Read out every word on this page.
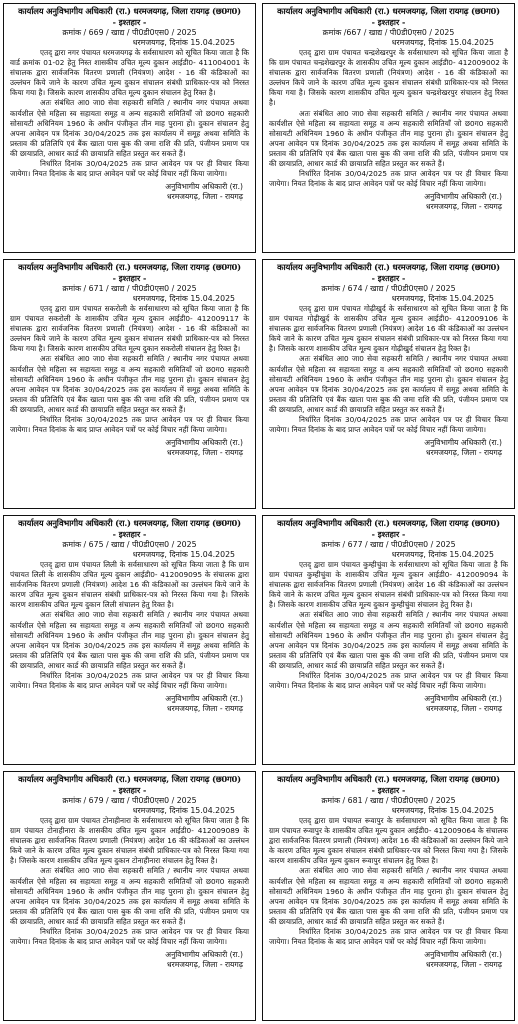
कार्यालय अनुविभागीय अधिकारी (रा.) धरमजयगढ़, जिला रायगढ़ (छ0ग0)
- इश्तहार -
क्रमांक / 669 / खाद्य / पी0डी0एस0 / 2025
धरमजयगढ़, दिनांक 15.04.2025

एतद् द्वारा नगर पंचायत धरमजयगढ़ के सर्वसाधारण को सूचित किया जाता है कि वार्ड क्रमांक 01-02 हेतु निस्त शासकीय उचित मूल्य दुकान आईडी0- 411004001 के संचालक द्वारा सार्वजनिक वितरण प्रणाली (नियंत्रण) आदेश - 16 की कंडिकाओं का उल्लंघन किये जाने के कारण उचित मूल्य दुकान संचालन संबंधी प्राधिकार-पत्र को निरस्त किया गया है। जिसके कारण शासकीय उचित मूल्य दुकान संचालन हेतु रिक्त है।

अतः संबंधित आ0 जा0 सेवा सहकारी समिति / स्थानीय नगर पंचायत अथवा कार्यशील ऐसे महिला स्व सहायता समूह व अन्य सहकारी समितियाँ जो छ0ग0 सहकारी सोसायटी अधिनियम 1960 के अधीन पंजीकृत तीन माह पुराना हो। दुकान संचालन हेतु अपना आवेदन पत्र दिनांक 30/04/2025 तक इस कार्यालय में समूह अथवा समिति के प्रस्ताव की प्रतिलिपि एवं बैंक खाता पास बुक की जमा राशि की प्रति, पंजीयन प्रमाण पत्र की छायाप्रति, आधार कार्ड की छायाप्रति सहित प्रस्तुत कर सकते हैं।

निर्धारित दिनांक 30/04/2025 तक प्राप्त आवेदन पत्र पर ही विचार किया जायेगा। नियत दिनांक के बाद प्राप्त आवेदन पत्रों पर कोई विचार नहीं किया जायेगा।

अनुविभागीय अधिकारी (रा.)
धरमजयगढ़, जिला - रायगढ़
कार्यालय अनुविभागीय अधिकारी (रा.) धरमजयगढ़, जिला रायगढ़ (छ0ग0)
- इश्तहार -
क्रमांक /667 / खाद्य / पी0डी0एस0 / 2025
धरमजयगढ़, दिनांक 15.04.2025

एतद् द्वारा ग्राम पंचायत चन्द्रशेखरपुर के सर्वसाधारण को सूचित किया जाता है कि ग्राम पंचायत चन्द्रशेखरपुर के शासकीय उचित मूल्य दुकान आईडी0- 412009002 के संचालक द्वारा सार्वजनिक वितरण प्रणाली (नियंत्रण) आदेश - 16 की कंडिकाओं का उल्लंघन किये जाने के कारण उचित मूल्य दुकान संचालन संबंधी प्राधिकार-पत्र को निरस्त किया गया है। जिसके कारण शासकीय उचित मूल्य दुकान चन्द्रशेखरपुर संचालन हेतु रिक्त है।

अतः संबंधित आ0 जा0 सेवा सहकारी समिति / स्थानीय नगर पंचायत अथवा कार्यशील ऐसे महिला स्व सहायता समूह व अन्य सहकारी समितियाँ जो छ0ग0 सहकारी सोसायटी अधिनियम 1960 के अधीन पंजीकृत तीन माह पुराना हो। दुकान संचालन हेतु अपना आवेदन पत्र दिनांक 30/04/2025 तक इस कार्यालय में समूह अथवा समिति के प्रस्ताव की प्रतिलिपि एवं बैंक खाता पास बुक की जमा राशि की प्रति, पंजीयन प्रमाण पत्र की छायाप्रति, आधार कार्ड की छायाप्रति सहित प्रस्तुत कर सकते हैं।

निर्धारित दिनांक 30/04/2025 तक प्राप्त आवेदन पत्र पर ही विचार किया जायेगा। नियत दिनांक के बाद प्राप्त आवेदन पत्रों पर कोई विचार नहीं किया जायेगा।

अनुविभागीय अधिकारी (रा.)
धरमजयगढ़, जिला - रायगढ़
कार्यालय अनुविभागीय अधिकारी (रा.) धरमजयगढ़, जिला रायगढ़ (छ0ग0)
- इश्तहार -
क्रमांक / 671 / खाद्य / पी0डी0एस0 / 2025
धरमजयगढ़, दिनांक 15.04.2025

एतद् द्वारा ग्राम पंचायत सकरोली के सर्वसाधारण को सूचित किया जाता है कि ग्राम पंचायत सकरोली के शासकीय उचित मूल्य दुकान आईडी0- 412009117 के संचालक द्वारा सार्वजनिक वितरण प्रणाली (नियंत्रण) आदेश - 16 की कंडिकाओं का उल्लंघन किये जाने के कारण उचित मूल्य दुकान संचालन संबंधी प्राधिकार-पत्र को निरस्त किया गया है। जिसके कारण शासकीय उचित मूल्य दुकान सकरोली संचालन हेतु रिक्त है।

अतः संबंधित आ0 जा0 सेवा सहकारी समिति / स्थानीय नगर पंचायत अथवा कार्यशील ऐसे महिला स्व सहायता समूह व अन्य सहकारी समितियाँ जो छ0ग0 सहकारी सोसायटी अधिनियम 1960 के अधीन पंजीकृत तीन माह पुराना हो। दुकान संचालन हेतु अपना आवेदन पत्र दिनांक 30/04/2025 तक इस कार्यालय में समूह अथवा समिति के प्रस्ताव की प्रतिलिपि एवं बैंक खाता पास बुक की जमा राशि की प्रति, पंजीयन प्रमाण पत्र की छायाप्रति, आधार कार्ड की छायाप्रति सहित प्रस्तुत कर सकते हैं।

निर्धारित दिनांक 30/04/2025 तक प्राप्त आवेदन पत्र पर ही विचार किया जायेगा। नियत दिनांक के बाद प्राप्त आवेदन पत्रों पर कोई विचार नहीं किया जायेगा।

अनुविभागीय अधिकारी (रा.)
धरमजयगढ़, जिला - रायगढ़
कार्यालय अनुविभागीय अधिकारी (रा.) धरमजयगढ़, जिला रायगढ़ (छ0ग0)
- इश्तहार -
क्रमांक / 674 / खाद्य / पी0डी0एस0 / 2025
धरमजयगढ़, दिनांक 15.04.2025

एतद् द्वारा ग्राम पंचायत गोढ़ीखुर्द के सर्वसाधारण को सूचित किया जाता है कि ग्राम पंचायत गोढ़ीखुर्द के शासकीय उचित मूल्य दुकान आईडी0- 412009106 के संचालक द्वारा सार्वजनिक वितरण प्रणाली (नियंत्रण) आदेश 16 की कंडिकाओं का उल्लंघन किये जाने के कारण उचित मूल्य दुकान संचालन संबंधी प्राधिकार-पत्र को निरस्त किया गया है। जिसके कारण शासकीय उचित मूल्य दुकान गोढ़ीखुर्द संचालन हेतु रिक्त है।

अतः संबंधित आ0 जा0 सेवा सहकारी समिति / स्थानीय नगर पंचायत अथवा कार्यशील ऐसे महिला स्व सहायता समूह व अन्य सहकारी समितियाँ जो छ0ग0 सहकारी सोसायटी अधिनियम 1960 के अधीन पंजीकृत तीन माह पुराना हो। दुकान संचालन हेतु अपना आवेदन पत्र दिनांक 30/04/2025 तक इस कार्यालय में समूह अथवा समिति के प्रस्ताव की प्रतिलिपि एवं बैंक खाता पास बुक की जमा राशि की प्रति, पंजीयन प्रमाण पत्र की छायाप्रति, आधार कार्ड की छायाप्रति सहित प्रस्तुत कर सकते हैं।

निर्धारित दिनांक 30/04/2025 तक प्राप्त आवेदन पत्र पर ही विचार किया जायेगा। नियत दिनांक के बाद प्राप्त आवेदन पत्रों पर कोई विचार नहीं किया जायेगा।

अनुविभागीय अधिकारी (रा.)
धरमजयगढ़, जिला - रायगढ़
कार्यालय अनुविभागीय अधिकारी (रा.) धरमजयगढ़, जिला रायगढ़ (छ0ग0)
- इश्तहार -
क्रमांक / 675 / खाद्य / पी0डी0एस0 / 2025
धरमजयगढ़, दिनांक 15.04.2025

एतद् द्वारा ग्राम पंचायत लिली के सर्वसाधारण को सूचित किया जाता है कि ग्राम पंचायत लिली के शासकीय उचित मूल्य दुकान आईडी0- 412009095 के संचालक द्वारा सार्वजनिक वितरण प्रणाली (नियंत्रण) आदेश 16 की कंडिकाओं का उल्लंघन किये जाने के कारण उचित मूल्य दुकान संचालन संबंधी प्राधिकार-पत्र को निरस्त किया गया है। जिसके कारण शासकीय उचित मूल्य दुकान लिली संचालन हेतु रिक्त है।

अतः संबंधित आ0 जा0 सेवा सहकारी समिति / स्थानीय नगर पंचायत अथवा कार्यशील ऐसे महिला स्व सहायता समूह व अन्य सहकारी समितियाँ जो छ0ग0 सहकारी सोसायटी अधिनियम 1960 के अधीन पंजीकृत तीन माह पुराना हो। दुकान संचालन हेतु अपना आवेदन पत्र दिनांक 30/04/2025 तक इस कार्यालय में समूह अथवा समिति के प्रस्ताव की प्रतिलिपि एवं बैंक खाता पास बुक की जमा राशि की प्रति, पंजीयन प्रमाण पत्र की छायाप्रति, आधार कार्ड की छायाप्रति सहित प्रस्तुत कर सकते हैं।

निर्धारित दिनांक 30/04/2025 तक प्राप्त आवेदन पत्र पर ही विचार किया जायेगा। नियत दिनांक के बाद प्राप्त आवेदन पत्रों पर कोई विचार नहीं किया जायेगा।

अनुविभागीय अधिकारी (रा.)
धरमजयगढ़, जिला - रायगढ़
कार्यालय अनुविभागीय अधिकारी (रा.) धरमजयगढ़, जिला रायगढ़ (छ0ग0)
- इश्तहार -
क्रमांक / 677 / खाद्य / पी0डी0एस0 / 2025
धरमजयगढ़, दिनांक 15.04.2025

एतद् द्वारा ग्राम पंचायत कुम्हीचुंवा के सर्वसाधारण को सूचित किया जाता है कि ग्राम पंचायत कुम्हीचुंवा के शासकीय उचित मूल्य दुकान आईडी0- 412009094 के संचालक द्वारा सार्वजनिक वितरण प्रणाली (नियंत्रण) आदेश 16 की कंडिकाओं का उल्लंघन किये जाने के कारण उचित मूल्य दुकान संचालन संबंधी प्राधिकार-पत्र को निरस्त किया गया है। जिसके कारण शासकीय उचित मूल्य दुकान कुम्हीचुंवा संचालन हेतु रिक्त है।

अतः संबंधित आ0 जा0 सेवा सहकारी समिति / स्थानीय नगर पंचायत अथवा कार्यशील ऐसे महिला स्व सहायता समूह व अन्य सहकारी समितियाँ जो छ0ग0 सहकारी सोसायटी अधिनियम 1960 के अधीन पंजीकृत तीन माह पुराना हो। दुकान संचालन हेतु अपना आवेदन पत्र दिनांक 30/04/2025 तक इस कार्यालय में समूह अथवा समिति के प्रस्ताव की प्रतिलिपि एवं बैंक खाता पास बुक की जमा राशि की प्रति, पंजीयन प्रमाण पत्र की छायाप्रति, आधार कार्ड की छायाप्रति सहित प्रस्तुत कर सकते हैं।

निर्धारित दिनांक 30/04/2025 तक प्राप्त आवेदन पत्र पर ही विचार किया जायेगा। नियत दिनांक के बाद प्राप्त आवेदन पत्रों पर कोई विचार नहीं किया जायेगा।

अनुविभागीय अधिकारी (रा.)
धरमजयगढ़, जिला - रायगढ़
कार्यालय अनुविभागीय अधिकारी (रा.) धरमजयगढ़, जिला रायगढ़ (छ0ग0)
- इश्तहार -
क्रमांक / 679 / खाद्य / पी0डी0एस0 / 2025
धरमजयगढ़, दिनांक 15.04.2025

एतद् द्वारा ग्राम पंचायत टोनाहीनारा के सर्वसाधारण को सूचित किया जाता है कि ग्राम पंचायत टोनाहीनारा के शासकीय उचित मूल्य दुकान आईडी0- 412009089 के संचालक द्वारा सार्वजनिक वितरण प्रणाली (नियंत्रण) आदेश 16 की कंडिकाओं का उल्लंघन किये जाने के कारण उचित मूल्य दुकान संचालन संबंधी प्राधिकार-पत्र को निरस्त किया गया है। जिसके कारण शासकीय उचित मूल्य दुकान टोनाहीनारा संचालन हेतु रिक्त है।

अतः संबंधित आ0 जा0 सेवा सहकारी समिति / स्थानीय नगर पंचायत अथवा कार्यशील ऐसे महिला स्व सहायता समूह व अन्य सहकारी समितियाँ जो छ0ग0 सहकारी सोसायटी अधिनियम 1960 के अधीन पंजीकृत तीन माह पुराना हो। दुकान संचालन हेतु अपना आवेदन पत्र दिनांक 30/04/2025 तक इस कार्यालय में समूह अथवा समिति के प्रस्ताव की प्रतिलिपि एवं बैंक खाता पास बुक की जमा राशि की प्रति, पंजीयन प्रमाण पत्र की छायाप्रति, आधार कार्ड की छायाप्रति सहित प्रस्तुत कर सकते हैं।

निर्धारित दिनांक 30/04/2025 तक प्राप्त आवेदन पत्र पर ही विचार किया जायेगा। नियत दिनांक के बाद प्राप्त आवेदन पत्रों पर कोई विचार नहीं किया जायेगा।

अनुविभागीय अधिकारी (रा.)
धरमजयगढ़, जिला - रायगढ़
कार्यालय अनुविभागीय अधिकारी (रा.) धरमजयगढ़, जिला रायगढ़ (छ0ग0)
- इश्तहार -
क्रमांक / 681 / खाद्य / पी0डी0एस0 / 2025
धरमजयगढ़, दिनांक 15.04.2025

एतद् द्वारा ग्राम पंचायत रूवापुर के सर्वसाधारण को सूचित किया जाता है कि ग्राम पंचायत रूवापुर के शासकीय उचित मूल्य दुकान आईडी0- 412009064 के संचालक द्वारा सार्वजनिक वितरण प्रणाली (नियंत्रण) आदेश 16 की कंडिकाओं का उल्लंघन किये जाने के कारण उचित मूल्य दुकान संचालन संबंधी प्राधिकार-पत्र को निरस्त किया गया है। जिसके कारण शासकीय उचित मूल्य दुकान रूवापुर संचालन हेतु रिक्त है।

अतः संबंधित आ0 जा0 सेवा सहकारी समिति / स्थानीय नगर पंचायत अथवा कार्यशील ऐसे महिला स्व सहायता समूह व अन्य सहकारी समितियाँ जो छ0ग0 सहकारी सोसायटी अधिनियम 1960 के अधीन पंजीकृत तीन माह पुराना हो। दुकान संचालन हेतु अपना आवेदन पत्र दिनांक 30/04/2025 तक इस कार्यालय में समूह अथवा समिति के प्रस्ताव की प्रतिलिपि एवं बैंक खाता पास बुक की जमा राशि की प्रति, पंजीयन प्रमाण पत्र की छायाप्रति, आधार कार्ड की छायाप्रति सहित प्रस्तुत कर सकते हैं।

निर्धारित दिनांक 30/04/2025 तक प्राप्त आवेदन पत्र पर ही विचार किया जायेगा। नियत दिनांक के बाद प्राप्त आवेदन पत्रों पर कोई विचार नहीं किया जायेगा।

अनुविभागीय अधिकारी (रा.)
धरमजयगढ़, जिला - रायगढ़
